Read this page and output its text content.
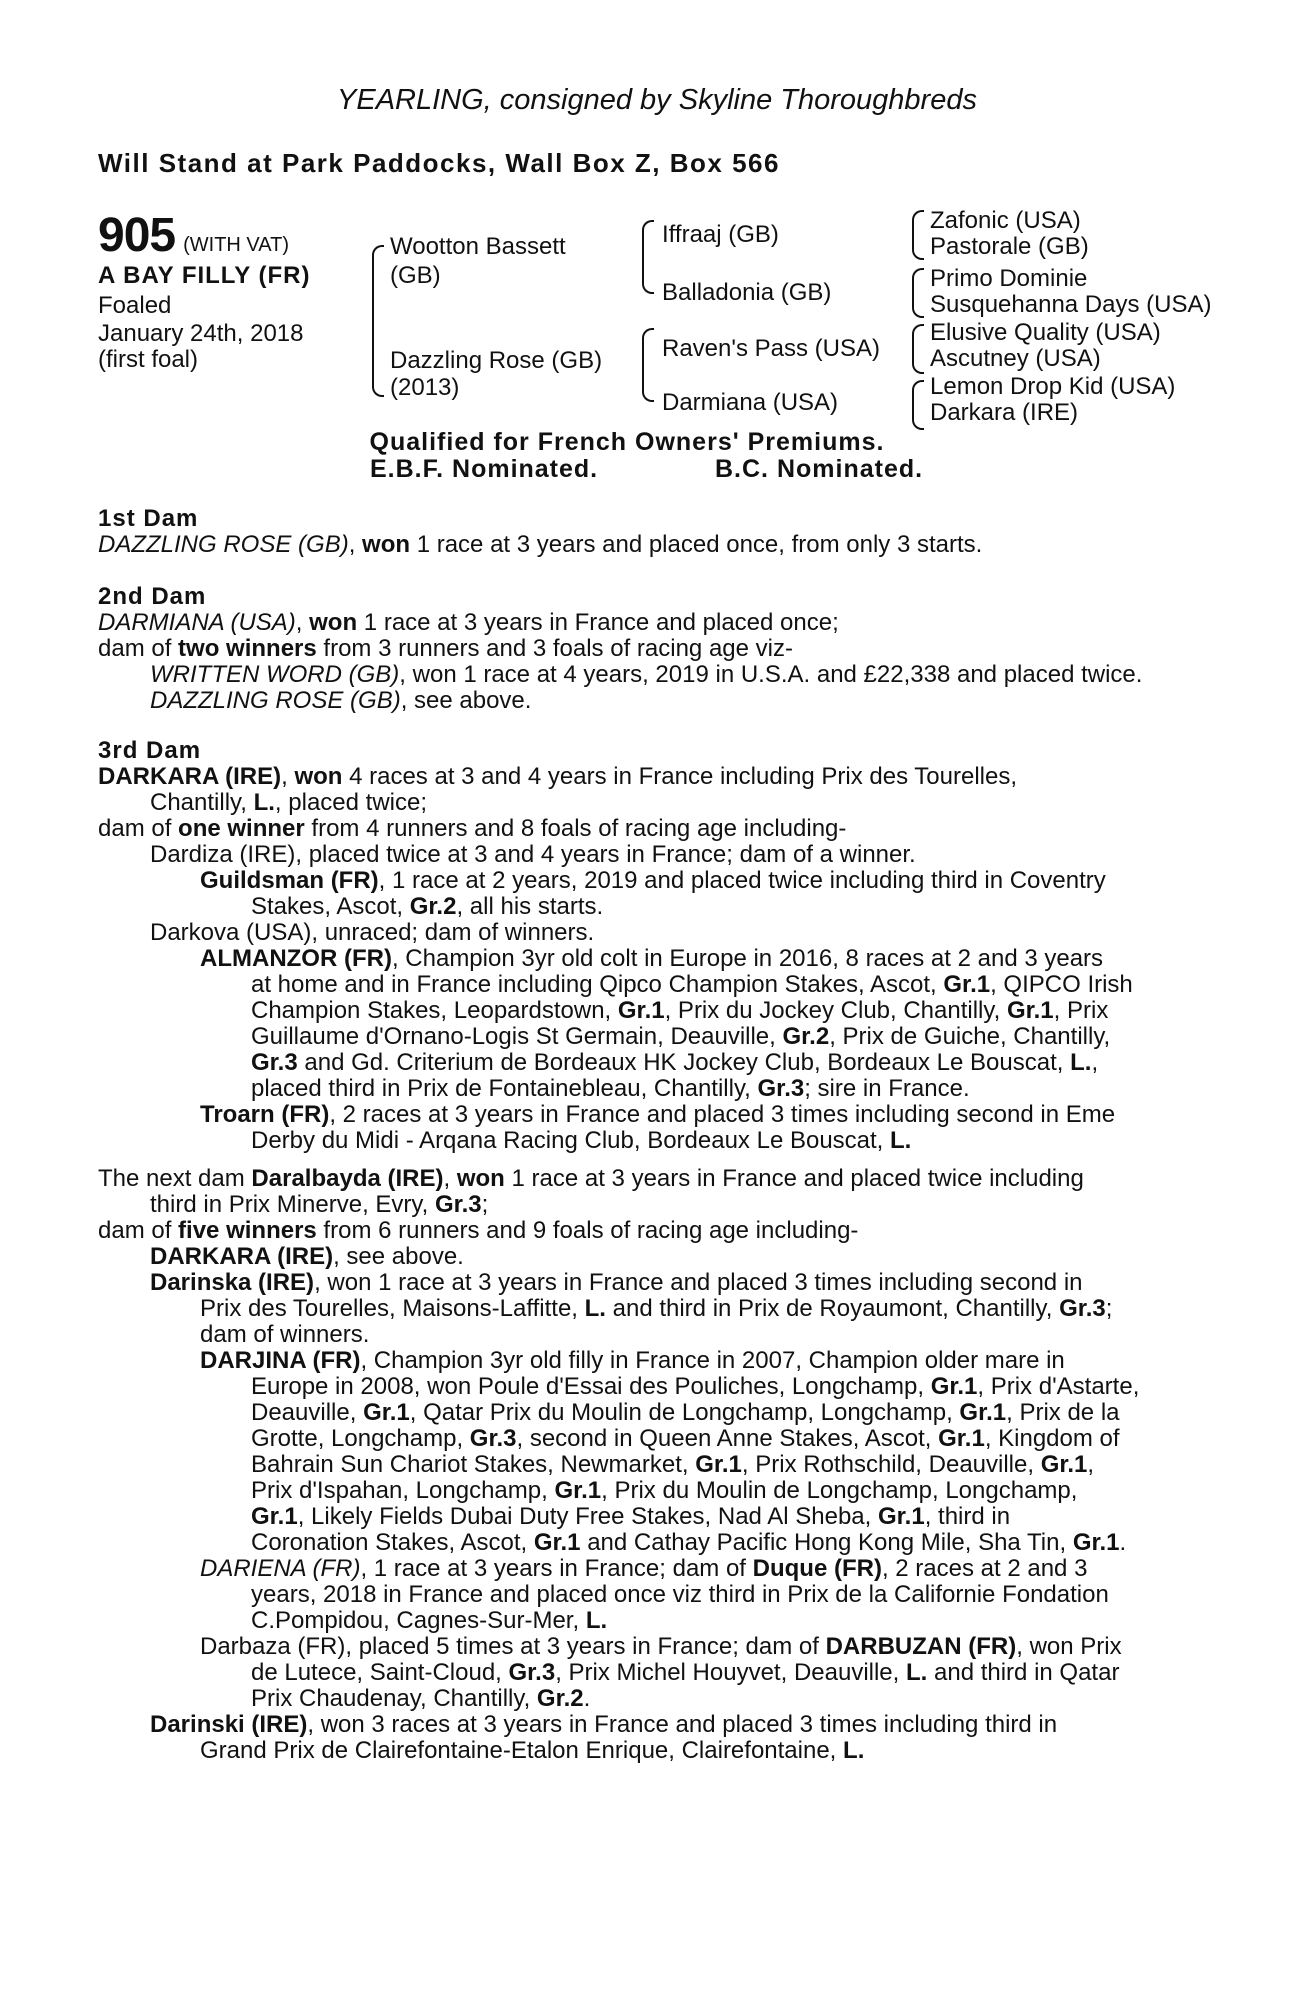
YEARLING, consigned by Skyline Thoroughbreds
Will Stand at Park Paddocks, Wall Box Z, Box 566
905 (WITH VAT)
A BAY FILLY (FR)
Foaled
January 24th, 2018
(first foal)
Wootton Bassett
(GB)
Dazzling Rose (GB)
(2013)
Iffraaj (GB)
Balladonia (GB)
Raven's Pass (USA)
Darmiana (USA)
Zafonic (USA)
Pastorale (GB)
Primo Dominie
Susquehanna Days (USA)
Elusive Quality (USA)
Ascutney (USA)
Lemon Drop Kid (USA)
Darkara (IRE)
Qualified for French Owners' Premiums.
E.B.F. Nominated.	B.C. Nominated.
1st Dam
DAZZLING ROSE (GB), won 1 race at 3 years and placed once, from only 3 starts.
2nd Dam
DARMIANA (USA), won 1 race at 3 years in France and placed once;
dam of two winners from 3 runners and 3 foals of racing age viz-
WRITTEN WORD (GB), won 1 race at 4 years, 2019 in U.S.A. and £22,338 and placed twice.
DAZZLING ROSE (GB), see above.
3rd Dam
DARKARA (IRE), won 4 races at 3 and 4 years in France including Prix des Tourelles,
Chantilly, L., placed twice;
dam of one winner from 4 runners and 8 foals of racing age including-
Dardiza (IRE), placed twice at 3 and 4 years in France; dam of a winner.
Guildsman (FR), 1 race at 2 years, 2019 and placed twice including third in Coventry
Stakes, Ascot, Gr.2, all his starts.
Darkova (USA), unraced; dam of winners.
ALMANZOR (FR), Champion 3yr old colt in Europe in 2016, 8 races at 2 and 3 years
at home and in France including Qipco Champion Stakes, Ascot, Gr.1, QIPCO Irish
Champion Stakes, Leopardstown, Gr.1, Prix du Jockey Club, Chantilly, Gr.1, Prix
Guillaume d'Ornano-Logis St Germain, Deauville, Gr.2, Prix de Guiche, Chantilly,
Gr.3 and Gd. Criterium de Bordeaux HK Jockey Club, Bordeaux Le Bouscat, L.,
placed third in Prix de Fontainebleau, Chantilly, Gr.3; sire in France.
Troarn (FR), 2 races at 3 years in France and placed 3 times including second in Eme
Derby du Midi - Arqana Racing Club, Bordeaux Le Bouscat, L.
The next dam Daralbayda (IRE), won 1 race at 3 years in France and placed twice including
third in Prix Minerve, Evry, Gr.3;
dam of five winners from 6 runners and 9 foals of racing age including-
DARKARA (IRE), see above.
Darinska (IRE), won 1 race at 3 years in France and placed 3 times including second in
Prix des Tourelles, Maisons-Laffitte, L. and third in Prix de Royaumont, Chantilly, Gr.3;
dam of winners.
DARJINA (FR), Champion 3yr old filly in France in 2007, Champion older mare in
Europe in 2008, won Poule d'Essai des Pouliches, Longchamp, Gr.1, Prix d'Astarte,
Deauville, Gr.1, Qatar Prix du Moulin de Longchamp, Longchamp, Gr.1, Prix de la
Grotte, Longchamp, Gr.3, second in Queen Anne Stakes, Ascot, Gr.1, Kingdom of
Bahrain Sun Chariot Stakes, Newmarket, Gr.1, Prix Rothschild, Deauville, Gr.1,
Prix d'Ispahan, Longchamp, Gr.1, Prix du Moulin de Longchamp, Longchamp,
Gr.1, Likely Fields Dubai Duty Free Stakes, Nad Al Sheba, Gr.1, third in
Coronation Stakes, Ascot, Gr.1 and Cathay Pacific Hong Kong Mile, Sha Tin, Gr.1.
DARIENA (FR), 1 race at 3 years in France; dam of Duque (FR), 2 races at 2 and 3
years, 2018 in France and placed once viz third in Prix de la Californie Fondation
C.Pompidou, Cagnes-Sur-Mer, L.
Darbaza (FR), placed 5 times at 3 years in France; dam of DARBUZAN (FR), won Prix
de Lutece, Saint-Cloud, Gr.3, Prix Michel Houyvet, Deauville, L. and third in Qatar
Prix Chaudenay, Chantilly, Gr.2.
Darinski (IRE), won 3 races at 3 years in France and placed 3 times including third in
Grand Prix de Clairefontaine-Etalon Enrique, Clairefontaine, L.
